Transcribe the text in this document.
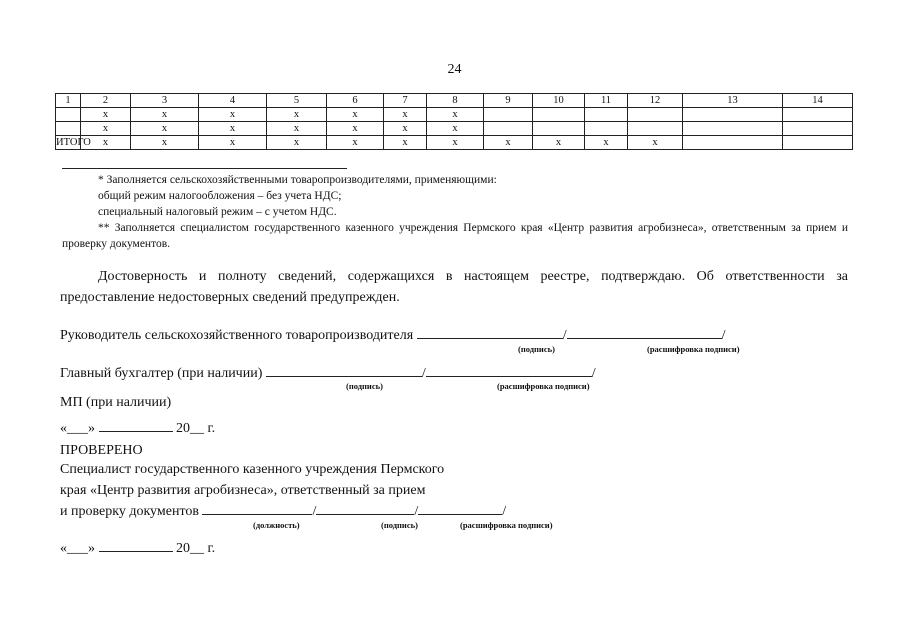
24
1	2	3	4	5	6	7	8	9	10	11	12	13	14
	х	х	х	х	х	х	х						
	х	х	х	х	х	х	х						
ИТОГО	х	х	х	х	х	х	х	х	х	х	х		
* Заполняется сельскохозяйственными товаропроизводителями, применяющими:
общий режим налогообложения – без учета НДС;
специальный налоговый режим – с учетом НДС.
** Заполняется специалистом государственного казенного учреждения Пермского края «Центр развития агробизнеса», ответственным за прием и проверку документов.
Достоверность и полноту сведений, содержащихся в настоящем реестре, подтверждаю. Об ответственности за предоставление недостоверных сведений предупрежден.
Руководитель сельскохозяйственного товаропроизводителя	/	/
(подпись)	(расшифровка подписи)
Главный бухгалтер (при наличии)	/	/
(подпись)	(расшифровка подписи)
МП (при наличии)
«___»	20__ г.
ПРОВЕРЕНО
Специалист государственного казенного учреждения Пермского
края «Центр развития агробизнеса», ответственный за прием
и проверку документов	/	/	/
(должность)	(подпись)	(расшифровка подписи)
«___»	20__ г.
